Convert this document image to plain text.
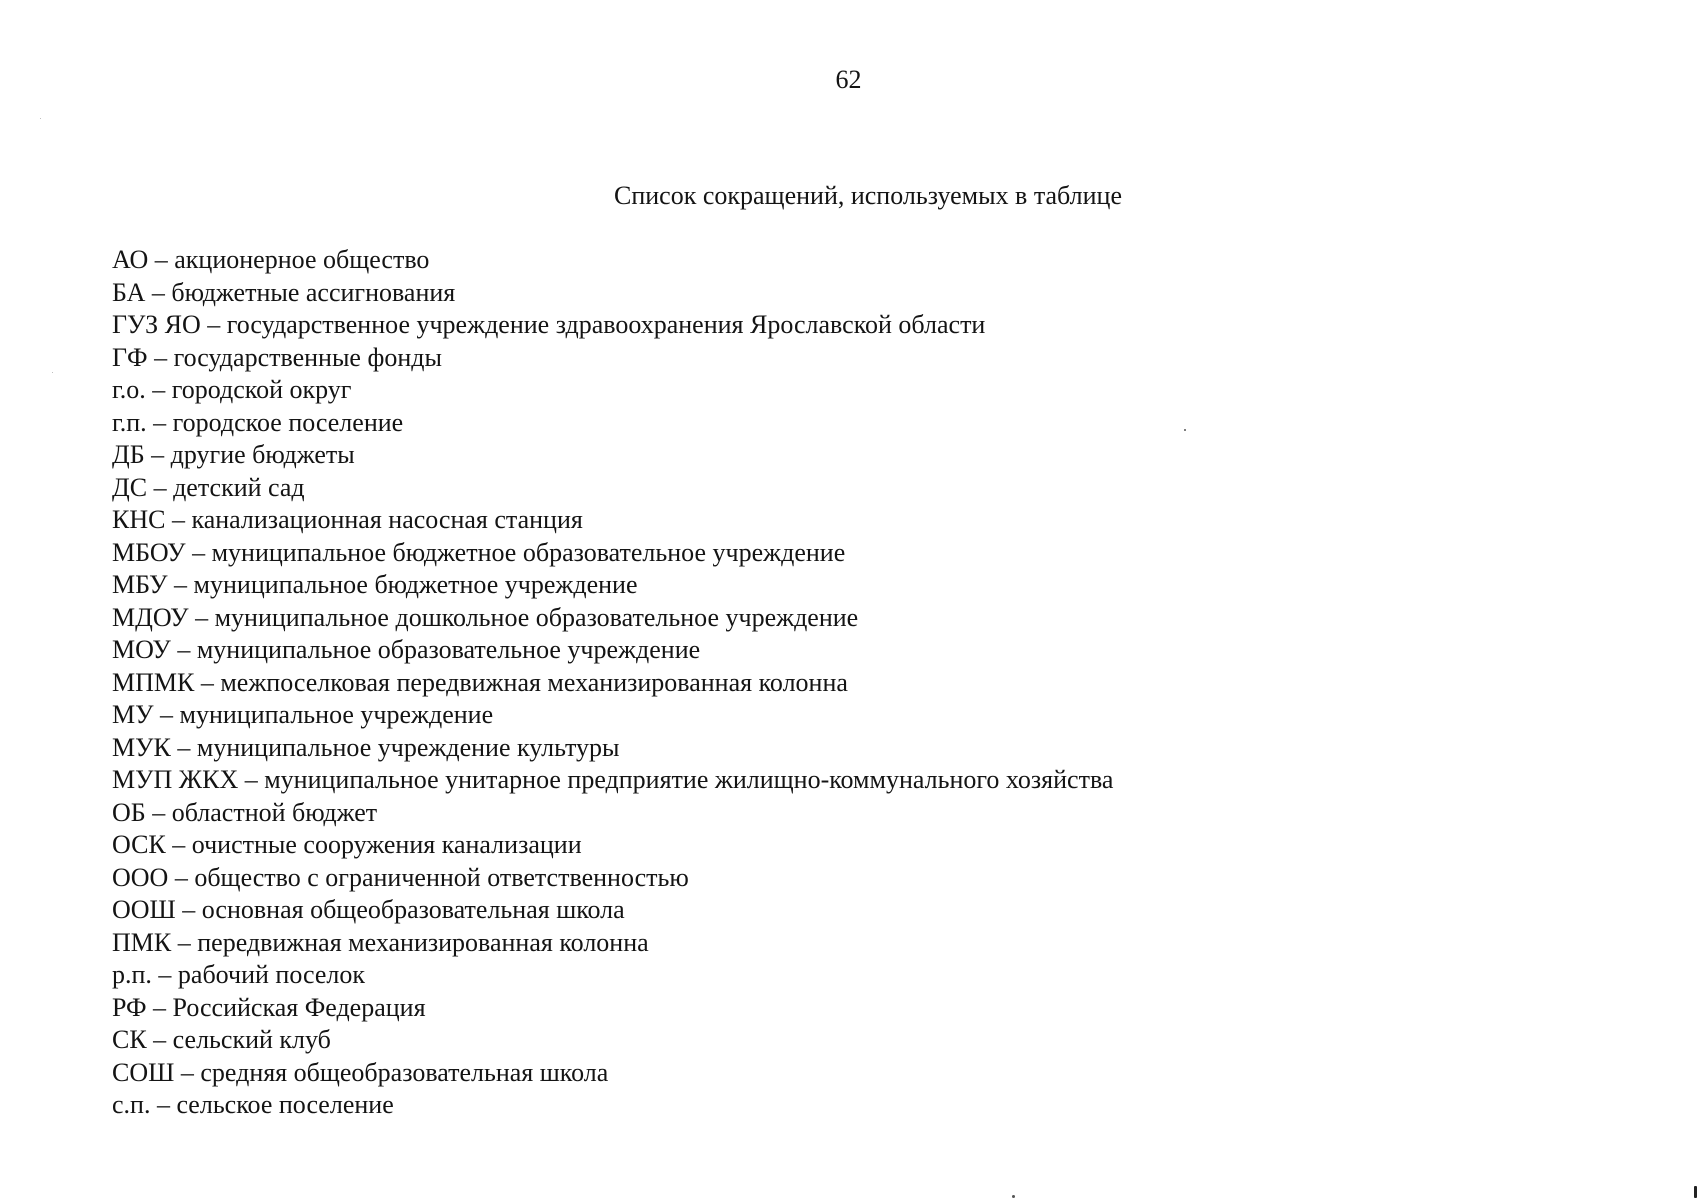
62
Список сокращений, используемых в таблице
АО – акционерное общество
БА – бюджетные ассигнования
ГУЗ ЯО – государственное учреждение здравоохранения Ярославской области
ГФ – государственные фонды
г.о. – городской округ
г.п. – городское поселение
ДБ – другие бюджеты
ДС – детский сад
КНС – канализационная насосная станция
МБОУ – муниципальное бюджетное образовательное учреждение
МБУ – муниципальное бюджетное учреждение
МДОУ – муниципальное дошкольное образовательное учреждение
МОУ – муниципальное образовательное учреждение
МПМК – межпоселковая передвижная механизированная колонна
МУ – муниципальное учреждение
МУК – муниципальное учреждение культуры
МУП ЖКХ – муниципальное унитарное предприятие жилищно-коммунального хозяйства
ОБ – областной бюджет
ОСК – очистные сооружения канализации
ООО – общество с ограниченной ответственностью
ООШ – основная общеобразовательная школа
ПМК – передвижная механизированная колонна
р.п. – рабочий поселок
РФ – Российская Федерация
СК – сельский клуб
СОШ – средняя общеобразовательная школа
с.п. – сельское поселение
